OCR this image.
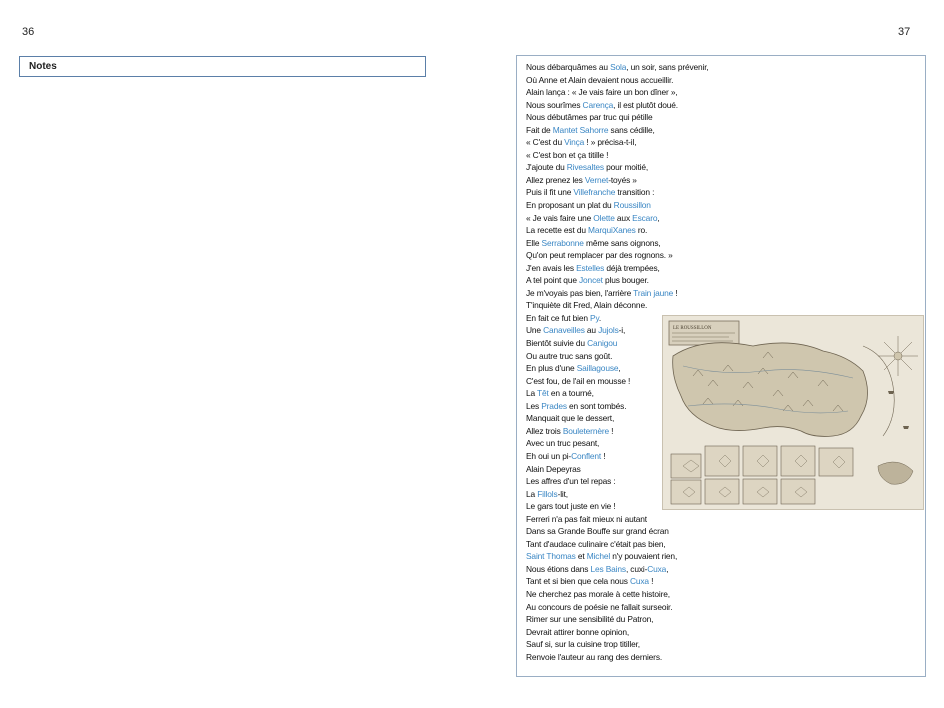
36	37
Notes	Nous débarquâmes au Sola, un soir, sans prévenir,
Où Anne et Alain devaient nous accueillir.
Alain lança : « Je vais faire un bon dîner »,
Nous sourîmes Carença, il est plutôt doué.
Nous débutâmes par truc qui pétille
Fait de Mantet Sahorre sans cédille,
« C'est du Vinça ! » précisa-t-il,
« C'est bon et ça titille !
J'ajoute du Rivesaltes pour moitié,
Allez prenez les Vernet-toyés »
Puis il fit une Villefranche transition :
En proposant un plat du Roussillon
« Je vais faire une Olette aux Escaro,
La recette est du MarquiXanes ro.
Elle Serrabonne même sans oignons,
Qu'on peut remplacer par des rognons. »
J'en avais les Estelles déjà trempées,
A tel point que Joncet plus bouger.
Je m'voyais pas bien, l'arrière Train jaune !
T'inquiète dit Fred, Alain déconne.
En fait ce fut bien Py.
Une Canaveilles au Jujols-i,
Bientôt suivie du Canigou
Ou autre truc sans goût.
En plus d'une Saillagouse,
C'est fou, de l'ail en mousse !
La Têt en a tourné,
Les Prades en sont tombés.
Manquait que le dessert,
Allez trois Bouleternère !
Avec un truc pesant,
Eh oui un pi-Conflent !
Alain Depeyras
Les affres d'un tel repas :
La Fillols-lit,
Le gars tout juste en vie !
Ferreri n'a pas fait mieux ni autant
Dans sa Grande Bouffe sur grand écran
Tant d'audace culinaire c'était pas bien,
Saint Thomas et Michel n'y pouvaient rien,
Nous étions dans Les Bains, cuxi-Cuxa,
Tant et si bien que cela nous Cuxa !
Ne cherchez pas morale à cette histoire,
Au concours de poésie ne fallait surseoir.
Rimer sur une sensibilité du Patron,
Devrait attirer bonne opinion,
Sauf si, sur la cuisine trop titiller,
Renvoie l'auteur au rang des derniers.
LE ROUSSILLON
